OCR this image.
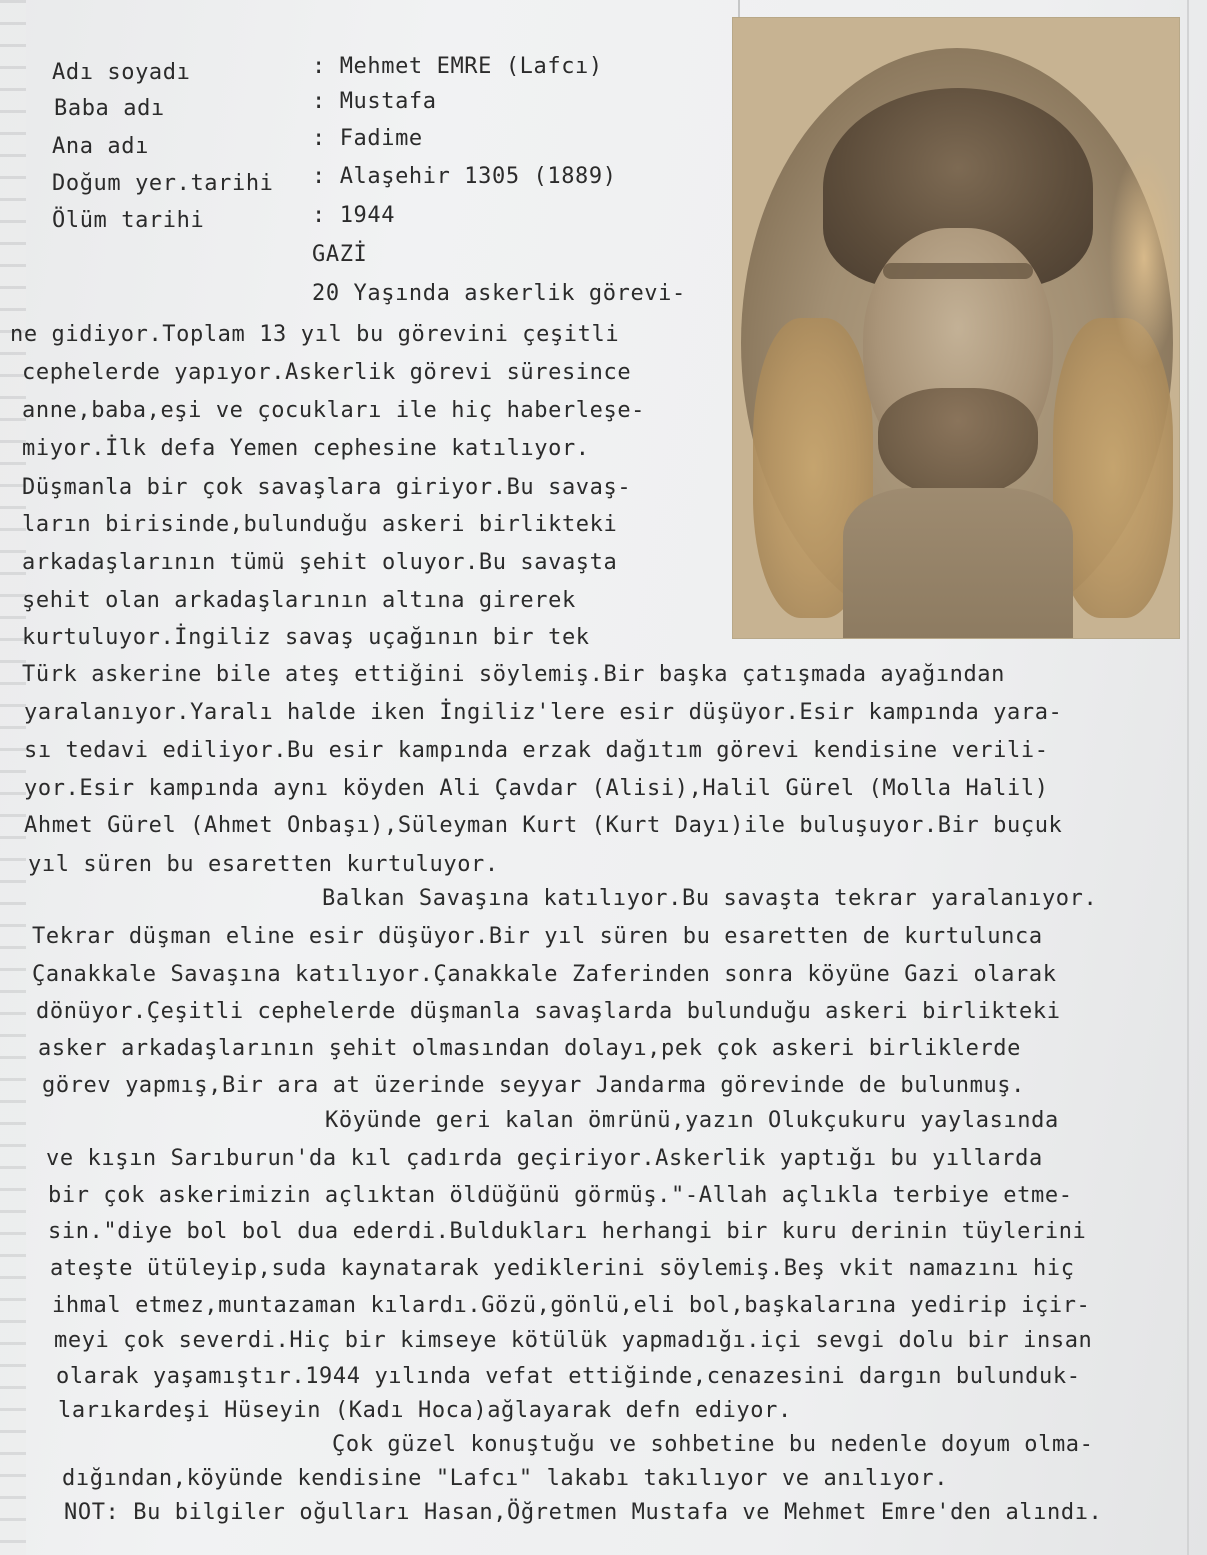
Adı soyadı	: Mehmet EMRE (Lafcı)
Baba adı	: Mustafa
Ana adı	: Fadime
Doğum yer.tarihi : Alaşehir 1305 (1889)
Ölüm tarihi	: 1944
GAZİ
20 Yaşında askerlik görevi-
ne gidiyor.Toplam 13 yıl bu görevini çeşitli
cephelerde yapıyor.Askerlik görevi süresince
anne,baba,eşi ve çocukları ile hiç haberleşe-
miyor.İlk defa Yemen cephesine katılıyor.
Düşmanla bir çok savaşlara giriyor.Bu savaş-
ların birisinde,bulunduğu askeri birlikteki
arkadaşlarının tümü şehit oluyor.Bu savaşta
şehit olan arkadaşlarının altına girerek
kurtuluyor.İngiliz savaş uçağının bir tek
Türk askerine bile ateş ettiğini söylemiş.Bir başka çatışmada ayağından
yaralanıyor.Yaralı halde iken İngiliz'lere esir düşüyor.Esir kampında yara-
sı tedavi ediliyor.Bu esir kampında erzak dağıtım görevi kendisine verili-
yor.Esir kampında aynı köyden Ali Çavdar (Alisi),Halil Gürel (Molla Halil)
Ahmet Gürel (Ahmet Onbaşı),Süleyman Kurt (Kurt Dayı)ile buluşuyor.Bir buçuk
yıl süren bu esaretten kurtuluyor.
Balkan Savaşına katılıyor.Bu savaşta tekrar yaralanıyor.
Tekrar düşman eline esir düşüyor.Bir yıl süren bu esaretten de kurtulunca
Çanakkale Savaşına katılıyor.Çanakkale Zaferinden sonra köyüne Gazi olarak
dönüyor.Çeşitli cephelerde düşmanla savaşlarda bulunduğu askeri birlikteki
asker arkadaşlarının şehit olmasından dolayı,pek çok askeri birliklerde
görev yapmış,Bir ara at üzerinde seyyar Jandarma görevinde de bulunmuş.
Köyünde geri kalan ömrünü,yazın Olukçukuru yaylasında
ve kışın Sarıburun'da kıl çadırda geçiriyor.Askerlik yaptığı bu yıllarda
bir çok askerimizin açlıktan öldüğünü görmüş."-Allah açlıkla terbiye etme-
sin."diye bol bol dua ederdi.Buldukları herhangi bir kuru derinin tüylerini
ateşte ütüleyip,suda kaynatarak yediklerini söylemiş.Beş vkit namazını hiç
ihmal etmez,muntazaman kılardı.Gözü,gönlü,eli bol,başkalarına yedirip içir-
meyi çok severdi.Hiç bir kimseye kötülük yapmadığı.içi sevgi dolu bir insan
olarak yaşamıştır.1944 yılında vefat ettiğinde,cenazesini dargın bulunduk-
larıkardeşi Hüseyin (Kadı Hoca)ağlayarak defn ediyor.
Çok güzel konuştuğu ve sohbetine bu nedenle doyum olma-
dığından,köyünde kendisine "Lafcı" lakabı takılıyor ve anılıyor.
NOT: Bu bilgiler oğulları Hasan,Öğretmen Mustafa ve Mehmet Emre'den alındı.
